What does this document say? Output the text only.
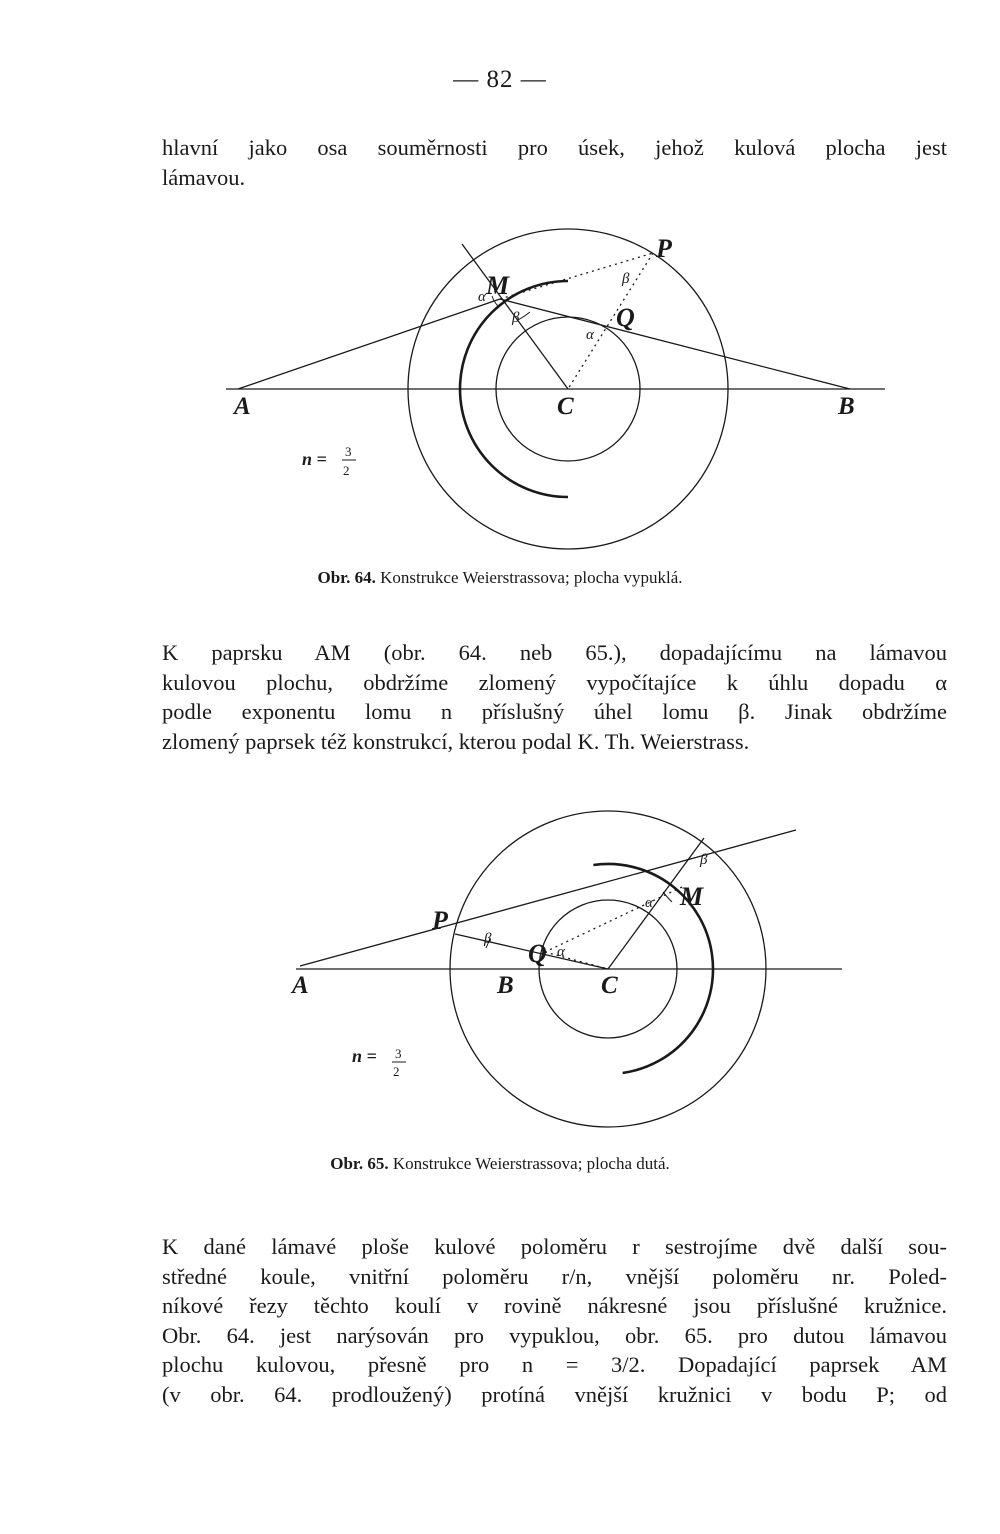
— 82 —
hlavní jako osa souměrnosti pro úsek, jehož kulová plocha jest
lámavou.
M
P
Q
A	C	B
α
β
α
β
n = 3
2
Obr. 64. Konstrukce Weierstrassova; plocha vypuklá.
K paprsku AM (obr. 64. neb 65.), dopadajícímu na lámavou
kulovou plochu, obdržíme zlomený vypočítajíce k úhlu dopadu α
podle exponentu lomu n příslušný úhel lomu β. Jinak obdržíme
zlomený paprsek též konstrukcí, kterou podal K. Th. Weierstrass.
P
M
Q
A	B	C
α
α
β
β
n = 3
2
Obr. 65. Konstrukce Weierstrassova; plocha dutá.
K dané lámavé ploše kulové poloměru r sestrojíme dvě další sou-
středné koule, vnitřní poloměru r/n, vnější poloměru nr. Poled-
níkové řezy těchto koulí v rovině nákresné jsou příslušné kružnice.
Obr. 64. jest narýsován pro vypuklou, obr. 65. pro dutou lámavou
plochu kulovou, přesně pro n = 3/2. Dopadající paprsek AM
(v obr. 64. prodloužený) protíná vnější kružnici v bodu P; od
